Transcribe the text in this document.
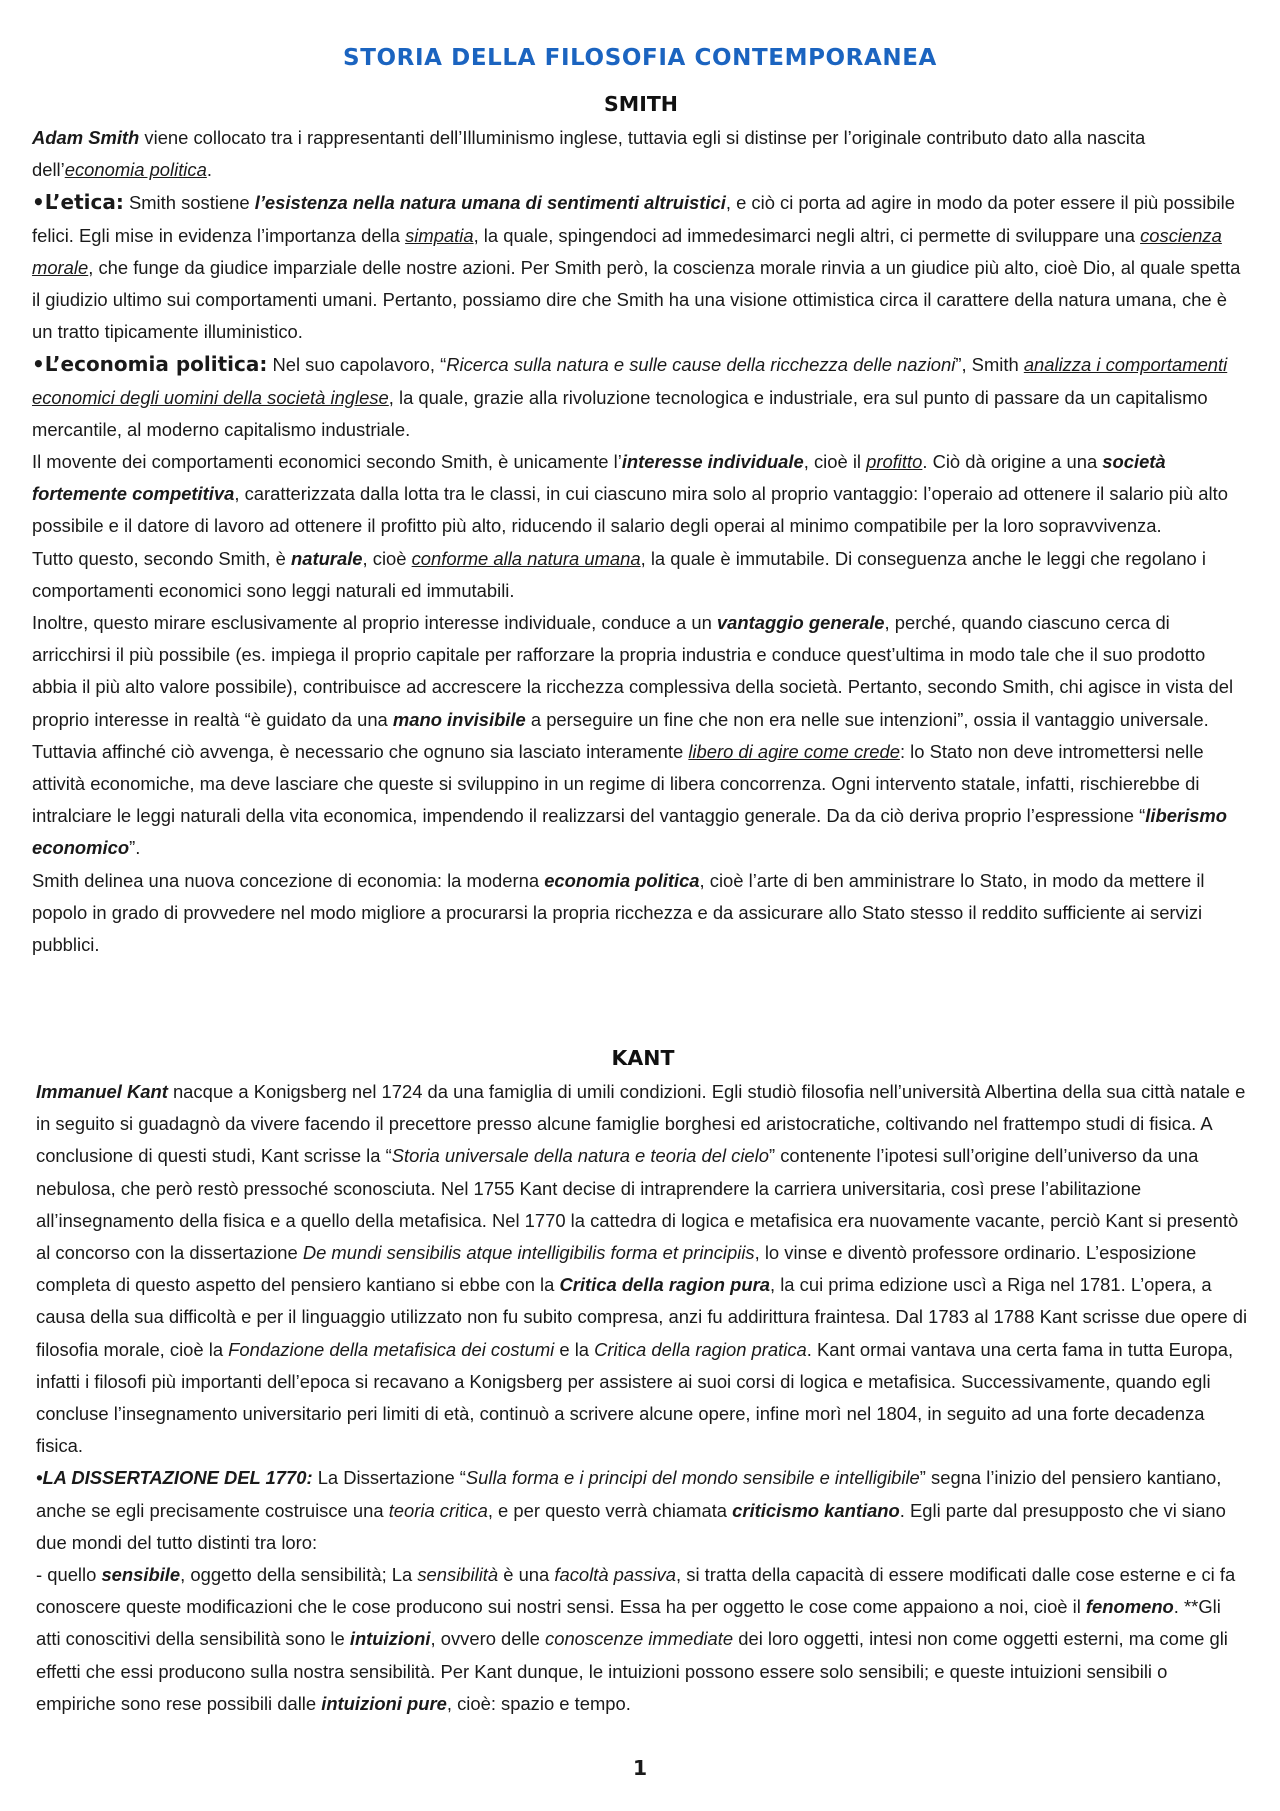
STORIA DELLA FILOSOFIA CONTEMPORANEA
SMITH

Adam Smith viene collocato tra i rappresentanti dell’Illuminismo inglese, tuttavia egli si distinse per l’originale contributo dato alla nascita dell’economia politica.

•L’etica: Smith sostiene l’esistenza nella natura umana di sentimenti altruistici, e ciò ci porta ad agire in modo da poter essere il più possibile felici. Egli mise in evidenza l’importanza della simpatia, la quale, spingendoci ad immedesimarci negli altri, ci permette di sviluppare una coscienza morale, che funge da giudice imparziale delle nostre azioni. Per Smith però, la coscienza morale rinvia a un giudice più alto, cioè Dio, al quale spetta il giudizio ultimo sui comportamenti umani. Pertanto, possiamo dire che Smith ha una visione ottimistica circa il carattere della natura umana, che è un tratto tipicamente illuministico.

•L’economia politica: Nel suo capolavoro, “Ricerca sulla natura e sulle cause della ricchezza delle nazioni”, Smith analizza i comportamenti economici degli uomini della società inglese, la quale, grazie alla rivoluzione tecnologica e industriale, era sul punto di passare da un capitalismo mercantile, al moderno capitalismo industriale.

Il movente dei comportamenti economici secondo Smith, è unicamente l’interesse individuale, cioè il profitto. Ciò dà origine a una società fortemente competitiva, caratterizzata dalla lotta tra le classi, in cui ciascuno mira solo al proprio vantaggio: l’operaio ad ottenere il salario più alto possibile e il datore di lavoro ad ottenere il profitto più alto, riducendo il salario degli operai al minimo compatibile per la loro sopravvivenza.

Tutto questo, secondo Smith, è naturale, cioè conforme alla natura umana, la quale è immutabile. Di conseguenza anche le leggi che regolano i comportamenti economici sono leggi naturali ed immutabili.

Inoltre, questo mirare esclusivamente al proprio interesse individuale, conduce a un vantaggio generale, perché, quando ciascuno cerca di arricchirsi il più possibile (es. impiega il proprio capitale per rafforzare la propria industria e conduce quest’ultima in modo tale che il suo prodotto abbia il più alto valore possibile), contribuisce ad accrescere la ricchezza complessiva della società. Pertanto, secondo Smith, chi agisce in vista del proprio interesse in realtà “è guidato da una mano invisibile a perseguire un fine che non era nelle sue intenzioni”, ossia il vantaggio universale.

Tuttavia affinché ciò avvenga, è necessario che ognuno sia lasciato interamente libero di agire come crede: lo Stato non deve intromettersi nelle attività economiche, ma deve lasciare che queste si sviluppino in un regime di libera concorrenza. Ogni intervento statale, infatti, rischierebbe di intralciare le leggi naturali della vita economica, impendendo il realizzarsi del vantaggio generale. Da da ciò deriva proprio l’espressione “liberismo economico”.

Smith delinea una nuova concezione di economia: la moderna economia politica, cioè l’arte di ben amministrare lo Stato, in modo da mettere il popolo in grado di provvedere nel modo migliore a procurarsi la propria ricchezza e da assicurare allo Stato stesso il reddito sufficiente ai servizi pubblici.

KANT

Immanuel Kant nacque a Konigsberg nel 1724 da una famiglia di umili condizioni. Egli studiò filosofia nell’università Albertina della sua città natale e in seguito si guadagnò da vivere facendo il precettore presso alcune famiglie borghesi ed aristocratiche, coltivando nel frattempo studi di fisica. A conclusione di questi studi, Kant scrisse la “Storia universale della natura e teoria del cielo” contenente l’ipotesi sull’origine dell’universo da una nebulosa, che però restò pressoché sconosciuta. Nel 1755 Kant decise di intraprendere la carriera universitaria, così prese l’abilitazione all’insegnamento della fisica e a quello della metafisica. Nel 1770 la cattedra di logica e metafisica era nuovamente vacante, perciò Kant si presentò al concorso con la dissertazione De mundi sensibilis atque intelligibilis forma et principiis, lo vinse e diventò professore ordinario. L’esposizione completa di questo aspetto del pensiero kantiano si ebbe con la Critica della ragion pura, la cui prima edizione uscì a Riga nel 1781. L’opera, a causa della sua difficoltà e per il linguaggio utilizzato non fu subito compresa, anzi fu addirittura fraintesa. Dal 1783 al 1788 Kant scrisse due opere di filosofia morale, cioè la Fondazione della metafisica dei costumi e la Critica della ragion pratica. Kant ormai vantava una certa fama in tutta Europa, infatti i filosofi più importanti dell’epoca si recavano a Konigsberg per assistere ai suoi corsi di logica e metafisica. Successivamente, quando egli concluse l’insegnamento universitario peri limiti di età, continuò a scrivere alcune opere, infine morì nel 1804, in seguito ad una forte decadenza fisica.

•LA DISSERTAZIONE DEL 1770: La Dissertazione “Sulla forma e i principi del mondo sensibile e intelligibile” segna l’inizio del pensiero kantiano, anche se egli precisamente costruisce una teoria critica, e per questo verrà chiamata criticismo kantiano. Egli parte dal presupposto che vi siano due mondi del tutto distinti tra loro:

- quello sensibile, oggetto della sensibilità; La sensibilità è una facoltà passiva, si tratta della capacità di essere modificati dalle cose esterne e ci fa conoscere queste modificazioni che le cose producono sui nostri sensi. Essa ha per oggetto le cose come appaiono a noi, cioè il fenomeno. **Gli atti conoscitivi della sensibilità sono le intuizioni, ovvero delle conoscenze immediate dei loro oggetti, intesi non come oggetti esterni, ma come gli effetti che essi producono sulla nostra sensibilità. Per Kant dunque, le intuizioni possono essere solo sensibili; e queste intuizioni sensibili o empiriche sono rese possibili dalle intuizioni pure, cioè: spazio e tempo.

1
